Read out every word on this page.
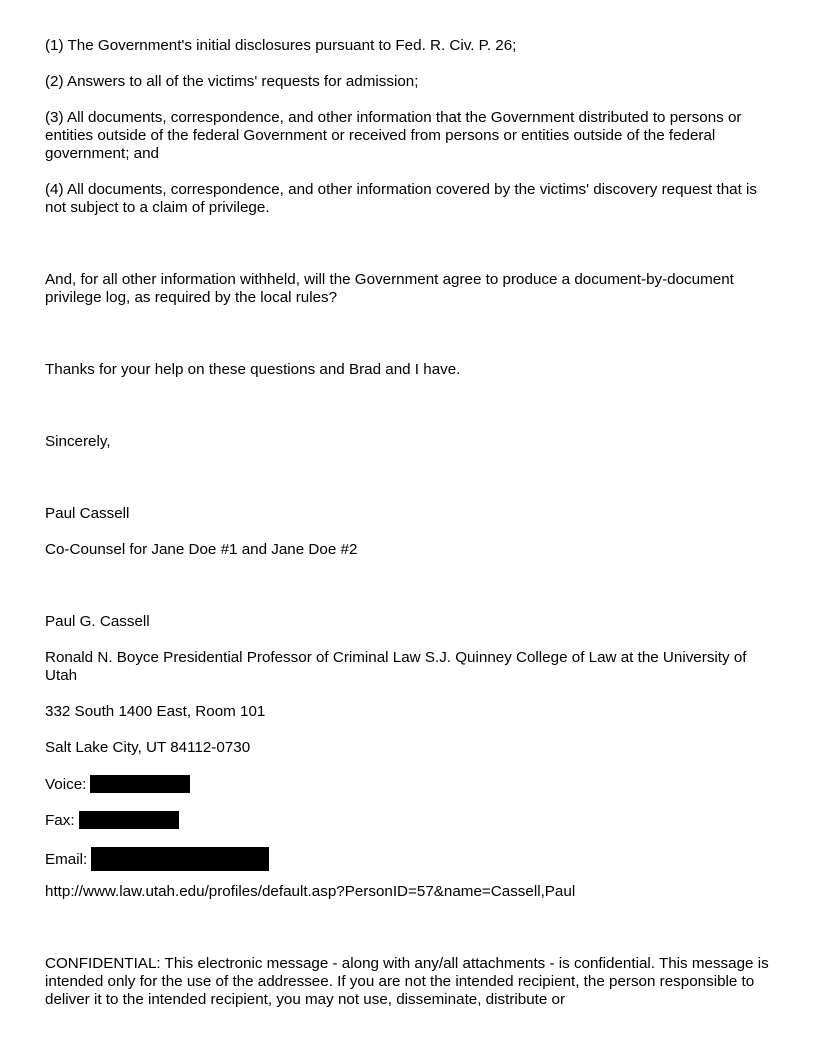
(1) The Government's initial disclosures pursuant to Fed. R. Civ. P. 26;

(2) Answers to all of the victims' requests for admission;

(3) All documents, correspondence, and other information that the Government distributed to persons or entities outside of the federal Government or received from persons or entities outside of the federal government; and

(4) All documents, correspondence, and other information covered by the victims' discovery request that is not subject to a claim of privilege.

And, for all other information withheld, will the Government agree to produce a document-by-document privilege log, as required by the local rules?

Thanks for your help on these questions and Brad and I have.

Sincerely,

Paul Cassell

Co-Counsel for Jane Doe #1 and Jane Doe #2

Paul G. Cassell

Ronald N. Boyce Presidential Professor of Criminal Law S.J. Quinney College of Law at the University of Utah

332 South 1400 East, Room 101

Salt Lake City, UT 84112-0730

Voice:

Fax:

Email:

http://www.law.utah.edu/profiles/default.asp?PersonID=57&name=Cassell,Paul

CONFIDENTIAL: This electronic message - along with any/all attachments - is confidential. This message is intended only for the use of the addressee. If you are not the intended recipient, the person responsible to deliver it to the intended recipient, you may not use, disseminate, distribute or
